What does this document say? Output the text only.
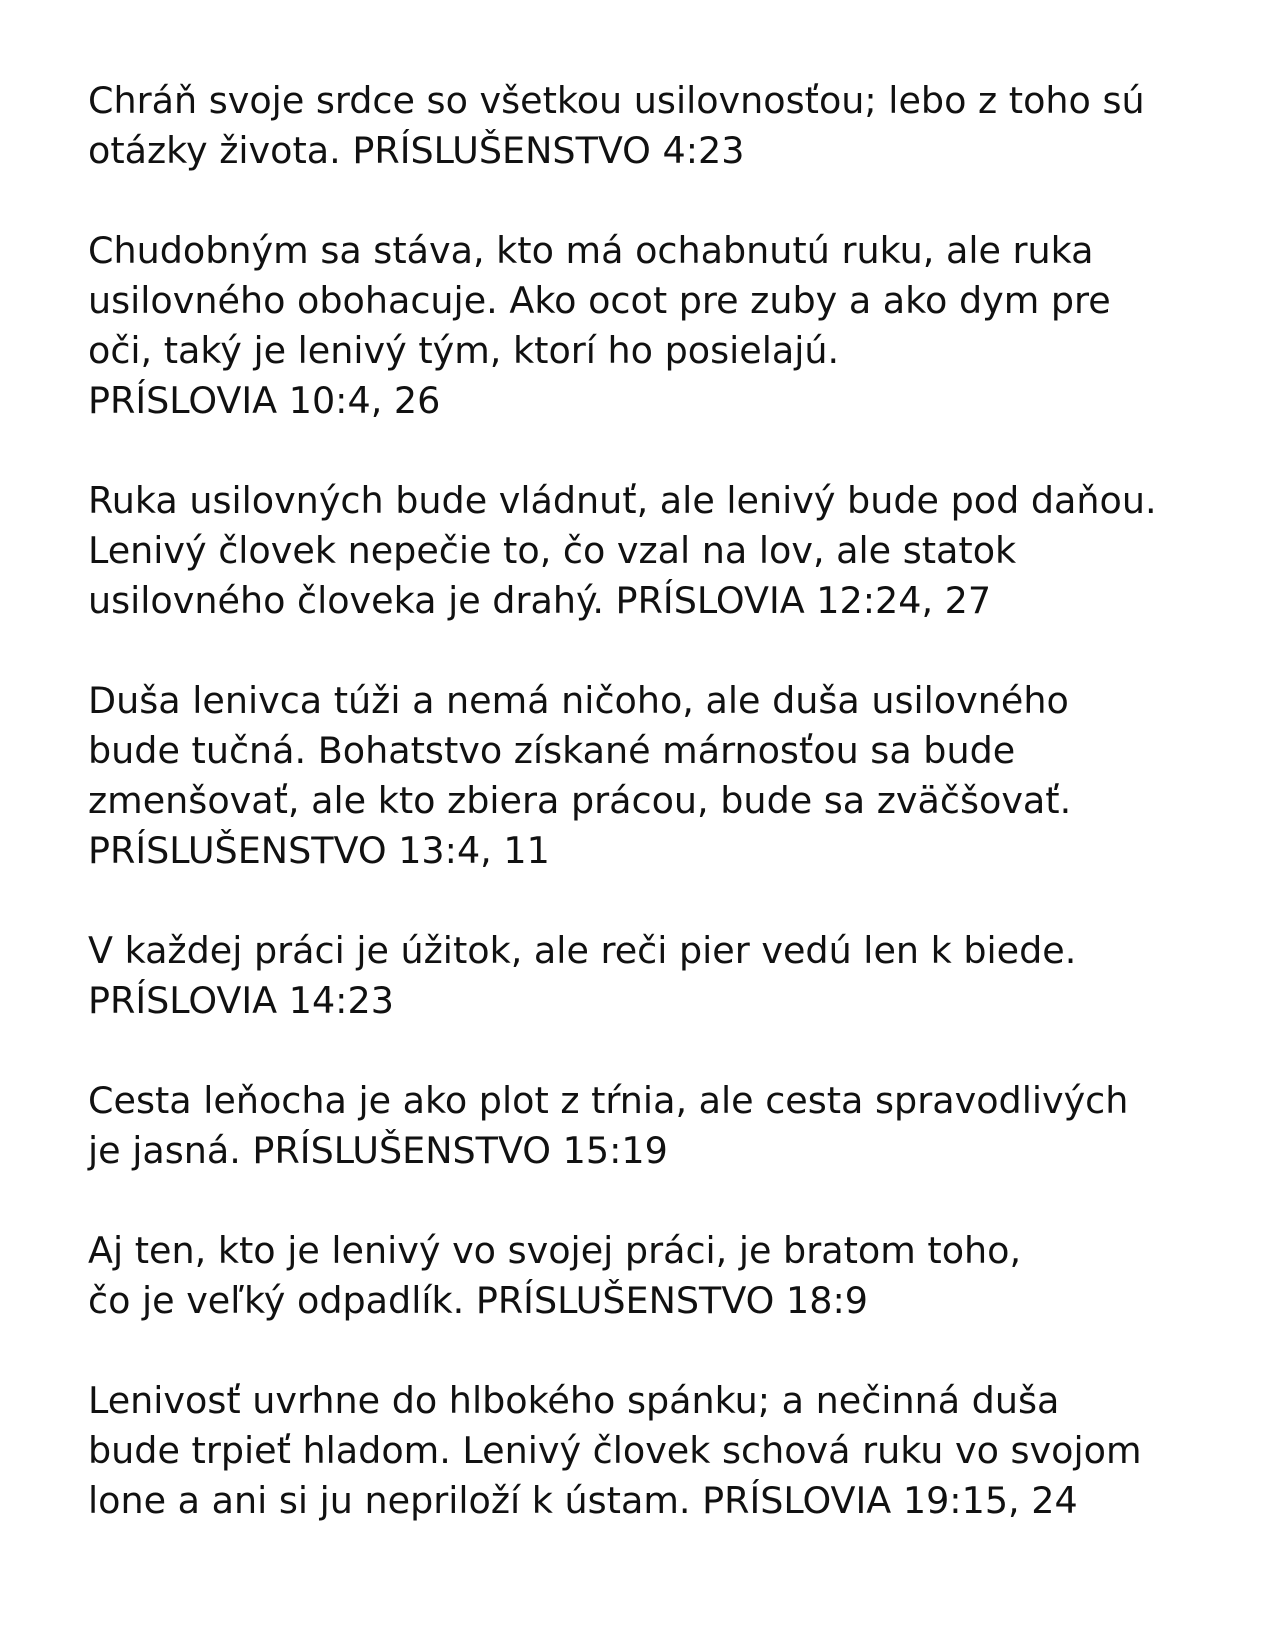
Chráň svoje srdce so všetkou usilovnosťou; lebo z toho sú
otázky života. PRÍSLUŠENSTVO 4:23
Chudobným sa stáva, kto má ochabnutú ruku, ale ruka
usilovného obohacuje. Ako ocot pre zuby a ako dym pre
oči, taký je lenivý tým, ktorí ho posielajú.
PRÍSLOVIA 10:4, 26
Ruka usilovných bude vládnuť, ale lenivý bude pod daňou.
Lenivý človek nepečie to, čo vzal na lov, ale statok
usilovného človeka je drahý. PRÍSLOVIA 12:24, 27
Duša lenivca túži a nemá ničoho, ale duša usilovného
bude tučná. Bohatstvo získané márnosťou sa bude
zmenšovať, ale kto zbiera prácou, bude sa zväčšovať.
PRÍSLUŠENSTVO 13:4, 11
V každej práci je úžitok, ale reči pier vedú len k biede.
PRÍSLOVIA 14:23
Cesta leňocha je ako plot z tŕnia, ale cesta spravodlivých
je jasná. PRÍSLUŠENSTVO 15:19
Aj ten, kto je lenivý vo svojej práci, je bratom toho,
čo je veľký odpadlík. PRÍSLUŠENSTVO 18:9
Lenivosť uvrhne do hlbokého spánku; a nečinná duša
bude trpieť hladom. Lenivý človek schová ruku vo svojom
lone a ani si ju nepriloží k ústam. PRÍSLOVIA 19:15, 24
